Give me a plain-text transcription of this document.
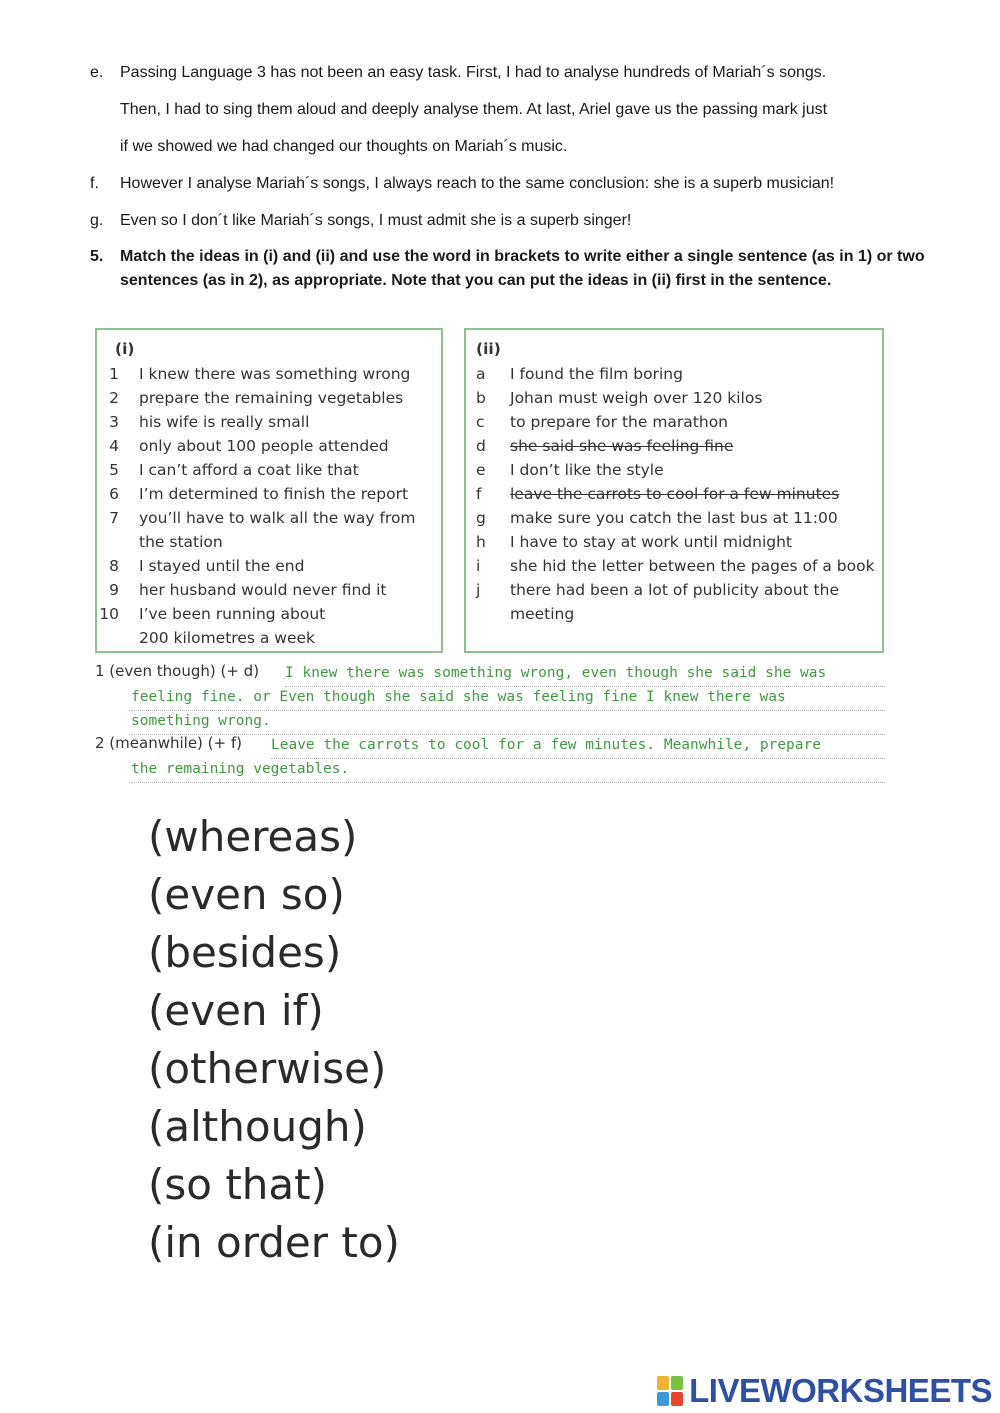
e. Passing Language 3 has not been an easy task. First, I had to analyse hundreds of Mariah´s songs.
Then, I had to sing them aloud and deeply analyse them. At last, Ariel gave us the passing mark just
if we showed we had changed our thoughts on Mariah´s music.
f. However I analyse Mariah´s songs, I always reach to the same conclusion: she is a superb musician!
g. Even so I don´t like Mariah´s songs, I must admit she is a superb singer!
5. Match the ideas in (i) and (ii) and use the word in brackets to write either a single sentence (as in 1) or two sentences (as in 2), as appropriate. Note that you can put the ideas in (ii) first in the sentence.
(i)
1 I knew there was something wrong
2 prepare the remaining vegetables
3 his wife is really small
4 only about 100 people attended
5 I can’t afford a coat like that
6 I’m determined to finish the report
7 you’ll have to walk all the way from
the station
8 I stayed until the end
9 her husband would never find it
10 I’ve been running about
200 kilometres a week
(ii)
a	I found the film boring
b	Johan must weigh over 120 kilos
c	to prepare for the marathon
d	she said she was feeling fine
e	I don’t like the style
f	leave the carrots to cool for a few minutes
g	make sure you catch the last bus at 11:00
h	I have to stay at work until midnight
i	she hid the letter between the pages of a book
j	there had been a lot of publicity about the
meeting
1 (even though) (+ d) I knew there was something wrong, even though she said she was
feeling fine. or Even though she said she was feeling fine I knew there was
something wrong.
2 (meanwhile) (+ f) Leave the carrots to cool for a few minutes. Meanwhile, prepare
the remaining vegetables.
(whereas)
(even so)
(besides)
(even if)
(otherwise)
(although)
(so that)
(in order to)
LIVEWORKSHEETS
